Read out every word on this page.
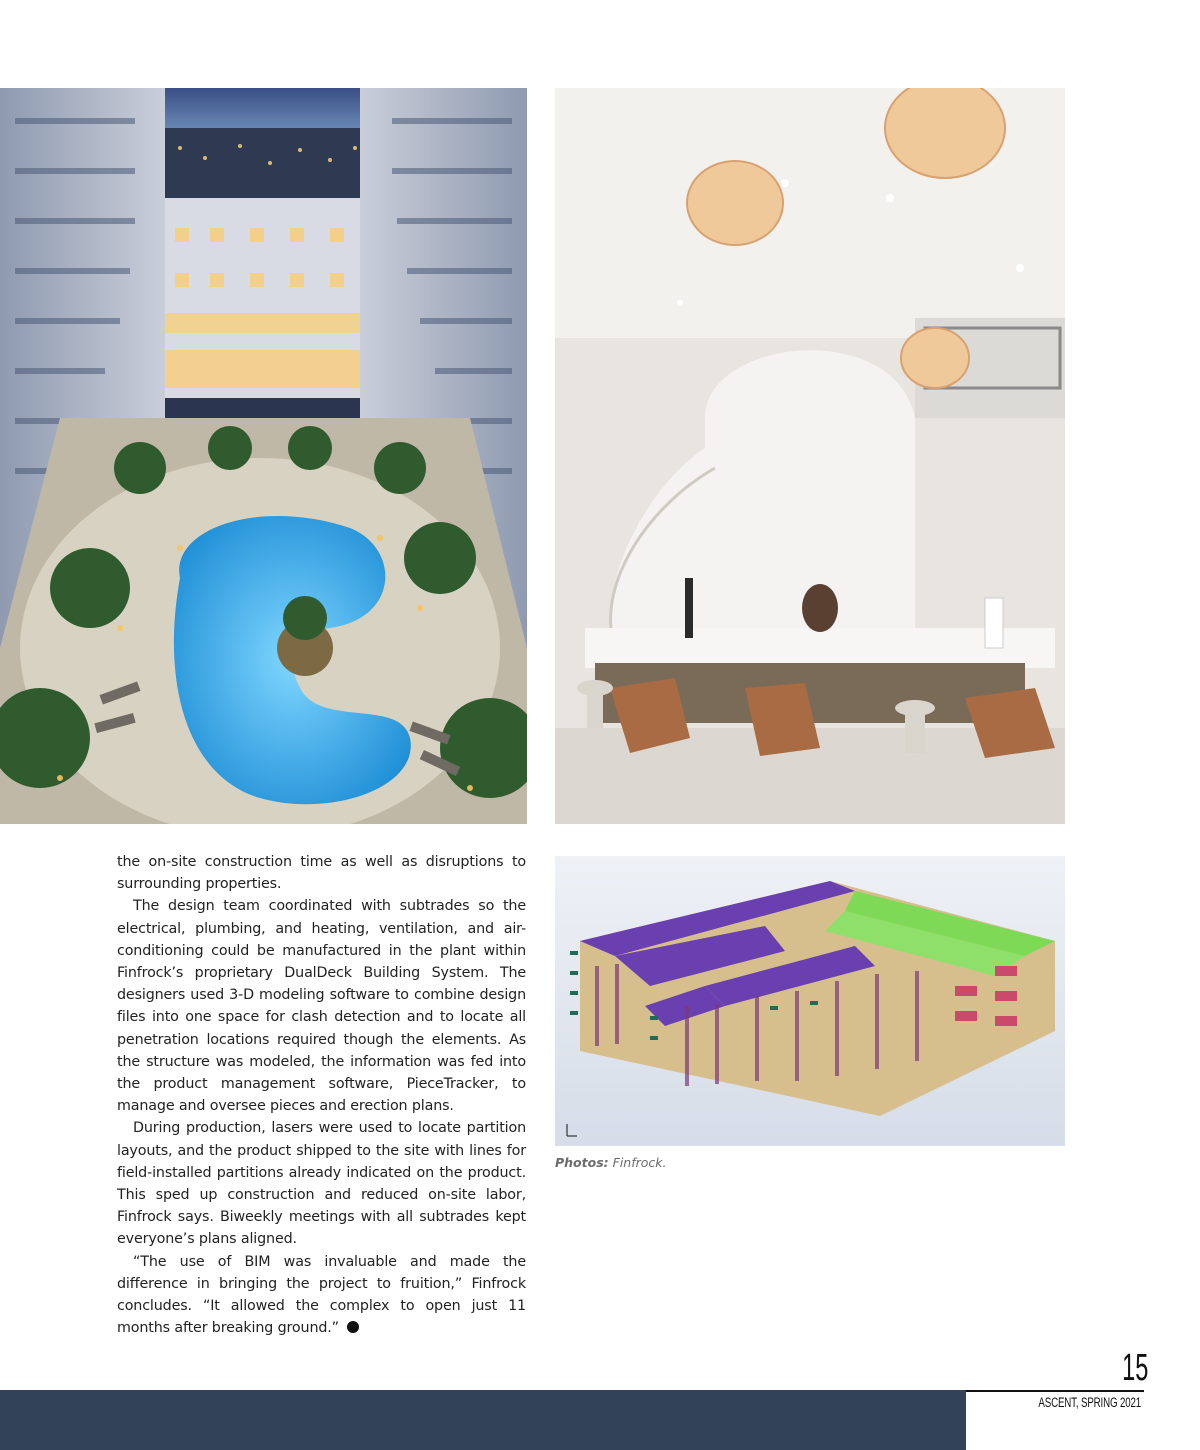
the on-site construction time as well as disruptions to surrounding properties.

The design team coordinated with subtrades so the electrical, plumbing, and heating, ventilation, and air-conditioning could be manufactured in the plant within Finfrock’s proprietary DualDeck Building System. The designers used 3-D modeling software to combine design files into one space for clash detection and to locate all penetration locations required though the elements. As the structure was modeled, the information was fed into the product management software, PieceTracker, to manage and oversee pieces and erection plans.

During production, lasers were used to locate partition layouts, and the product shipped to the site with lines for field-installed partitions already indicated on the product. This sped up construction and reduced on-site labor, Finfrock says. Biweekly meetings with all subtrades kept everyone’s plans aligned.

“The use of BIM was invaluable and made the difference in bringing the project to fruition,” Finfrock concludes. “It allowed the complex to open just 11 months after breaking ground.”

Photos: Finfrock.
15
ASCENT, SPRING 2021
